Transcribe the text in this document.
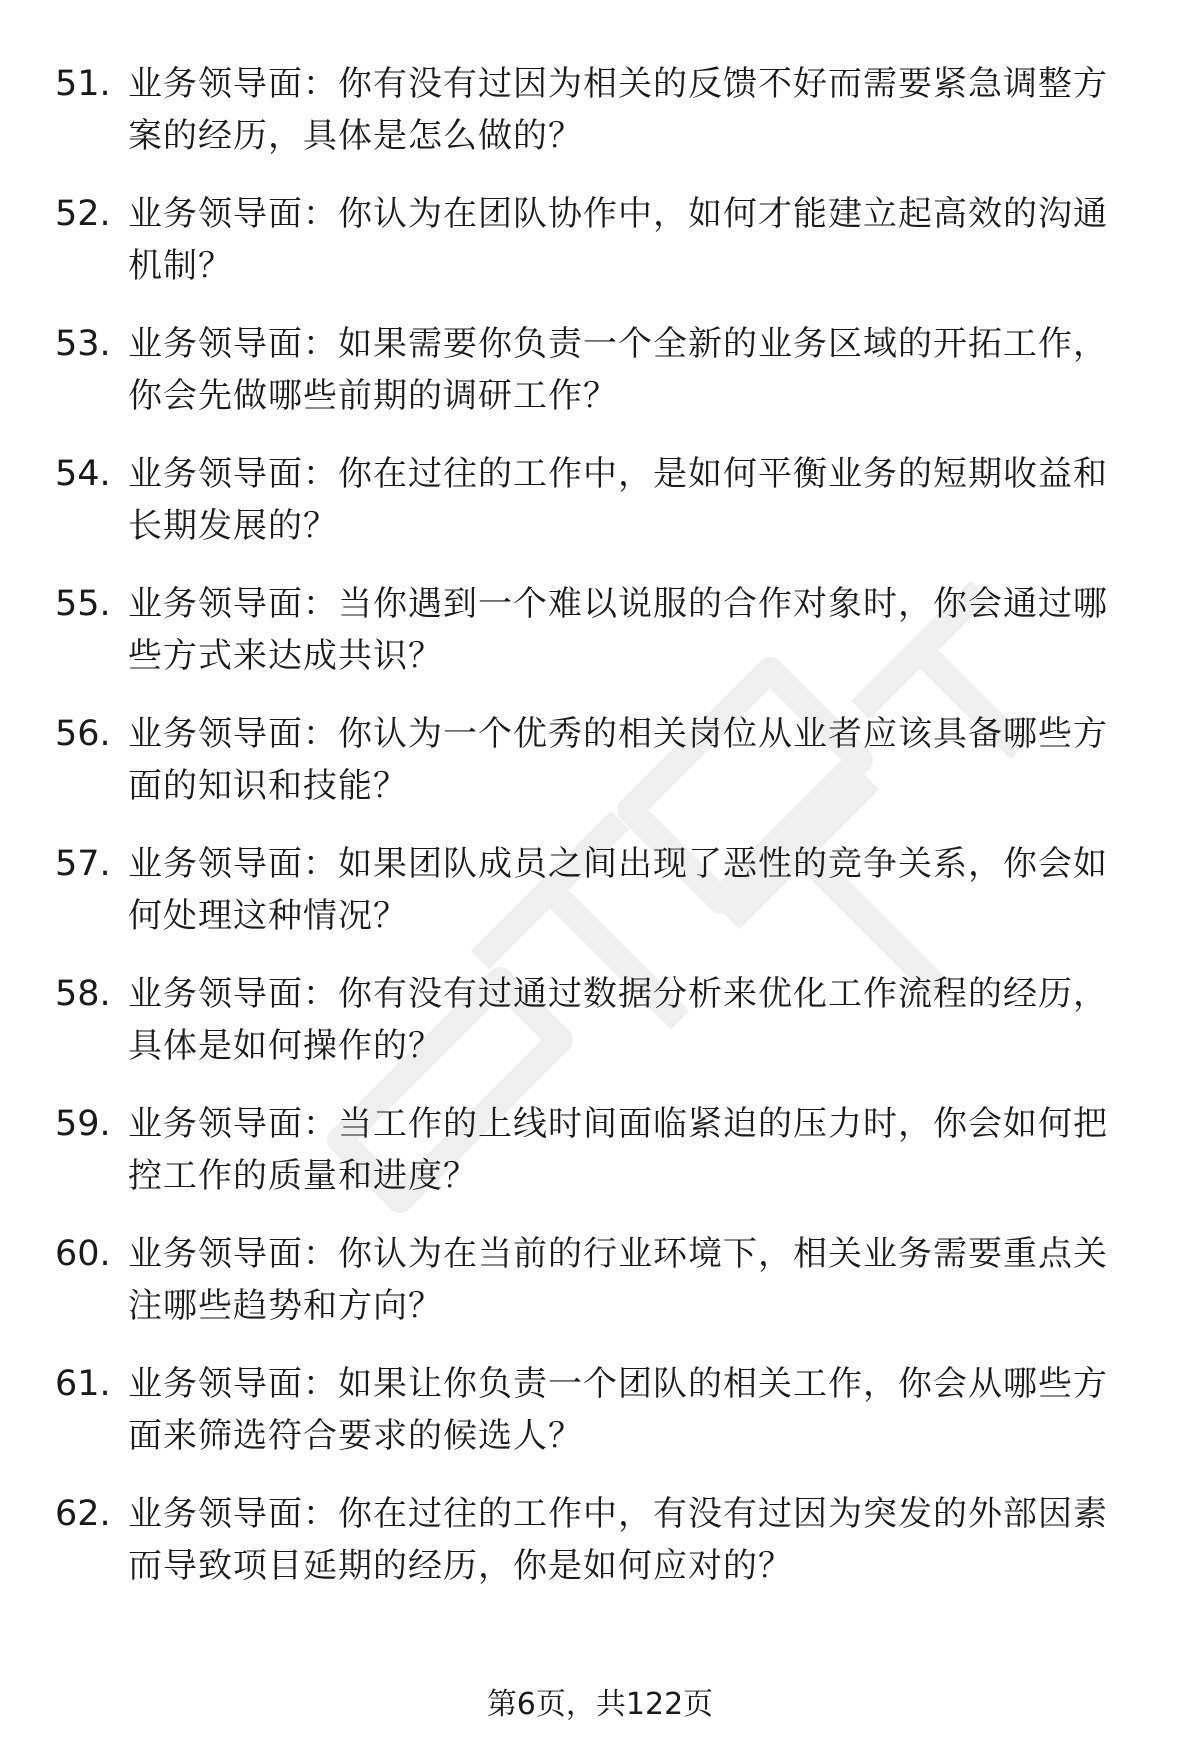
51. 业务领导面：你有没有过因为相关的反馈不好而需要紧急调整方
案的经历，具体是怎么做的？
52. 业务领导面：你认为在团队协作中，如何才能建立起高效的沟通
机制？
53. 业务领导面：如果需要你负责一个全新的业务区域的开拓工作，
你会先做哪些前期的调研工作？
54. 业务领导面：你在过往的工作中，是如何平衡业务的短期收益和
长期发展的？
55. 业务领导面：当你遇到一个难以说服的合作对象时，你会通过哪
些方式来达成共识？
56. 业务领导面：你认为一个优秀的相关岗位从业者应该具备哪些方
面的知识和技能？
57. 业务领导面：如果团队成员之间出现了恶性的竞争关系，你会如
何处理这种情况？
58. 业务领导面：你有没有过通过数据分析来优化工作流程的经历，
具体是如何操作的？
59. 业务领导面：当工作的上线时间面临紧迫的压力时，你会如何把
控工作的质量和进度？
60. 业务领导面：你认为在当前的行业环境下，相关业务需要重点关
注哪些趋势和方向？
61. 业务领导面：如果让你负责一个团队的相关工作，你会从哪些方
面来筛选符合要求的候选人？
62. 业务领导面：你在过往的工作中，有没有过因为突发的外部因素
而导致项目延期的经历，你是如何应对的？
第6页，共122页
